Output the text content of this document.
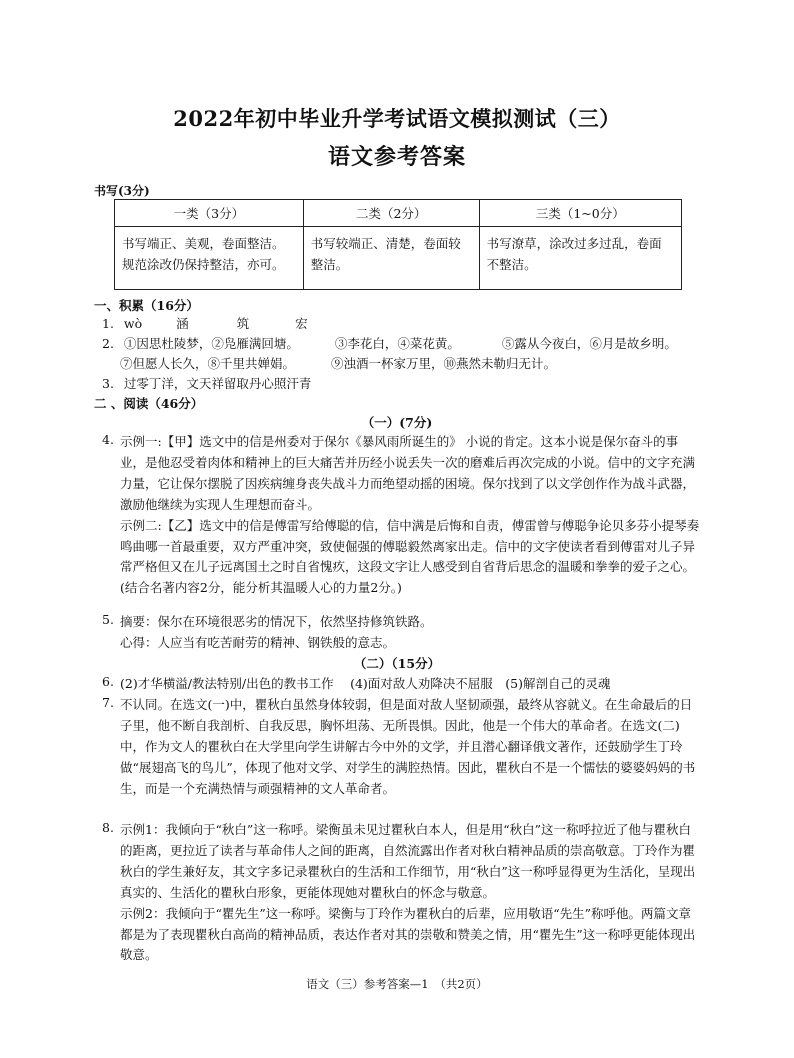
2022年初中毕业升学考试语文模拟测试（三）
语文参考答案
书写(3分)
一类（3分）	二类（2分）	三类（1~0分）
书写端正、美观，卷面整洁。规范涂改仍保持整洁，亦可。	书写较端正、清楚，卷面较整洁。	书写潦草，涂改过多过乱，卷面不整洁。
一、积累（16分）
1. wò	涵	筑	宏
2. ①因思杜陵梦，②凫雁满回塘。	③李花白，④菜花黄。	⑤露从今夜白，⑥月是故乡明。
⑦但愿人长久，⑧千里共婵娟。	⑨浊酒一杯家万里，⑩燕然未勒归无计。
3. 过零丁洋，文天祥留取丹心照汗青
二 、阅读（46分）
（一）(7分)
4. 示例一:【甲】选文中的信是州委对于保尔《暴风雨所诞生的》 小说的肯定。这本小说是保尔奋斗的事业，是他忍受着肉体和精神上的巨大痛苦并历经小说丢失一次的磨难后再次完成的小说。信中的文字充满力量，它让保尔摆脱了因疾病缠身丧失战斗力而绝望动摇的困境。保尔找到了以文学创作作为战斗武器，激励他继续为实现人生理想而奋斗。
示例二:【乙】选文中的信是傅雷写给傅聪的信，信中满是后悔和自责，傅雷曾与傅聪争论贝多芬小提琴奏鸣曲哪一首最重要，双方严重冲突，致使倔强的傅聪毅然离家出走。信中的文字使读者看到傅雷对儿子异常严格但又在儿子远离国土之时自省愧疚，这段文字让人感受到自省背后思念的温暖和拳拳的爱子之心。
(结合名著内容2分，能分析其温暖人心的力量2分。)
5. 摘要：保尔在环境很恶劣的情况下，依然坚持修筑铁路。
心得：人应当有吃苦耐劳的精神、钢铁般的意志。
（二）（15分）
6. (2)才华横溢/教法特别/出色的教书工作 　(4)面对敌人劝降决不屈服　(5)解剖自己的灵魂
7. 不认同。在选文(一)中，瞿秋白虽然身体较弱，但是面对敌人坚韧顽强，最终从容就义。在生命最后的日子里，他不断自我剖析、自我反思，胸怀坦荡、无所畏惧。因此，他是一个伟大的革命者。在选文(二)中，作为文人的瞿秋白在大学里向学生讲解古今中外的文学，并且潜心翻译俄文著作，还鼓励学生丁玲做“展翅高飞的鸟儿”，体现了他对文学、对学生的满腔热情。因此，瞿秋白不是一个懦怯的婆婆妈妈的书生，而是一个充满热情与顽强精神的文人革命者。
8. 示例1：我倾向于“秋白”这一称呼。梁衡虽未见过瞿秋白本人，但是用“秋白”这一称呼拉近了他与瞿秋白的距离，更拉近了读者与革命伟人之间的距离，自然流露出作者对秋白精神品质的崇高敬意。丁玲作为瞿秋白的学生兼好友，其文字多记录瞿秋白的生活和工作细节，用“秋白”这一称呼显得更为生活化，呈现出真实的、生活化的瞿秋白形象，更能体现她对瞿秋白的怀念与敬意。
示例2：我倾向于“瞿先生”这一称呼。梁衡与丁玲作为瞿秋白的后辈，应用敬语“先生”称呼他。两篇文章都是为了表现瞿秋白高尚的精神品质，表达作者对其的崇敬和赞美之情，用“瞿先生”这一称呼更能体现出敬意。
语文（三）参考答案—1　（共2页）
